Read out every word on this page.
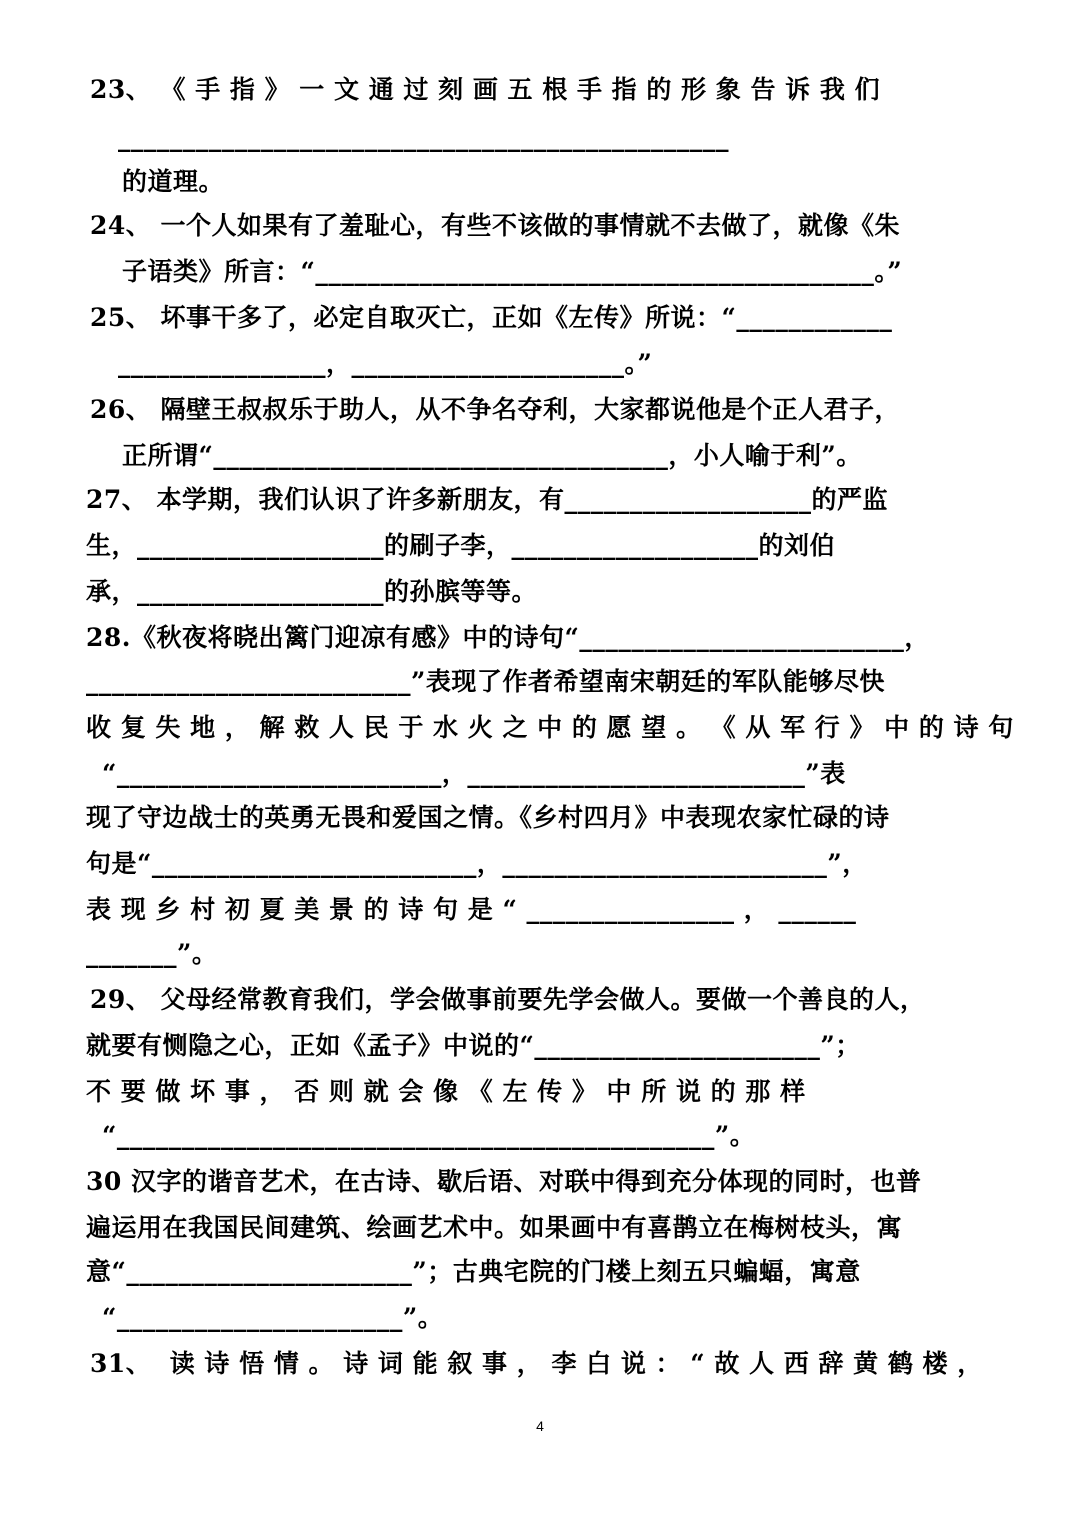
23、 《 手 指 》 一 文 通 过 刻 画 五 根 手 指 的 形 象 告 诉 我 们
_______________________________________________
的道理。
24、 一个人如果有了羞耻心，有些不该做的事情就不去做了，就像《朱
子语类》所言：“___________________________________________。”
25、 坏事干多了，必定自取灭亡，正如《左传》所说：“____________
________________，_____________________。”
26、 隔壁王叔叔乐于助人，从不争名夺利，大家都说他是个正人君子，
正所谓“___________________________________，小人喻于利”。
27、 本学期，我们认识了许多新朋友，有___________________的严监
生，___________________的刷子李，___________________的刘伯
承，___________________的孙膑等等。
28.《秋夜将晓出篱门迎凉有感》中的诗句“_________________________，
_________________________”表现了作者希望南宋朝廷的军队能够尽快
收 复 失 地 ， 解 救 人 民 于 水 火 之 中 的 愿 望 。 《 从 军 行 》 中 的 诗 句
“_________________________，__________________________”表
现了守边战士的英勇无畏和爱国之情。《乡村四月》中表现农家忙碌的诗
句是“_________________________，_________________________”，
表 现 乡 村 初 夏 美 景 的 诗 句 是 “ ________________ ， ______
_______”。
29、 父母经常教育我们，学会做事前要先学会做人。要做一个善良的人，
就要有恻隐之心，正如《孟子》中说的“______________________”；
不 要 做 坏 事 ， 否 则 就 会 像 《 左 传 》 中 所 说 的 那 样
“______________________________________________”。
30 汉字的谐音艺术，在古诗、歇后语、对联中得到充分体现的同时，也普
遍运用在我国民间建筑、绘画艺术中。如果画中有喜鹊立在梅树枝头，寓
意“______________________”；古典宅院的门楼上刻五只蝙蝠，寓意
“______________________”。
31、  读 诗 悟 情 。 诗 词 能 叙 事 ， 李 白 说 ： “ 故 人 西 辞 黄 鹤 楼 ，
4
